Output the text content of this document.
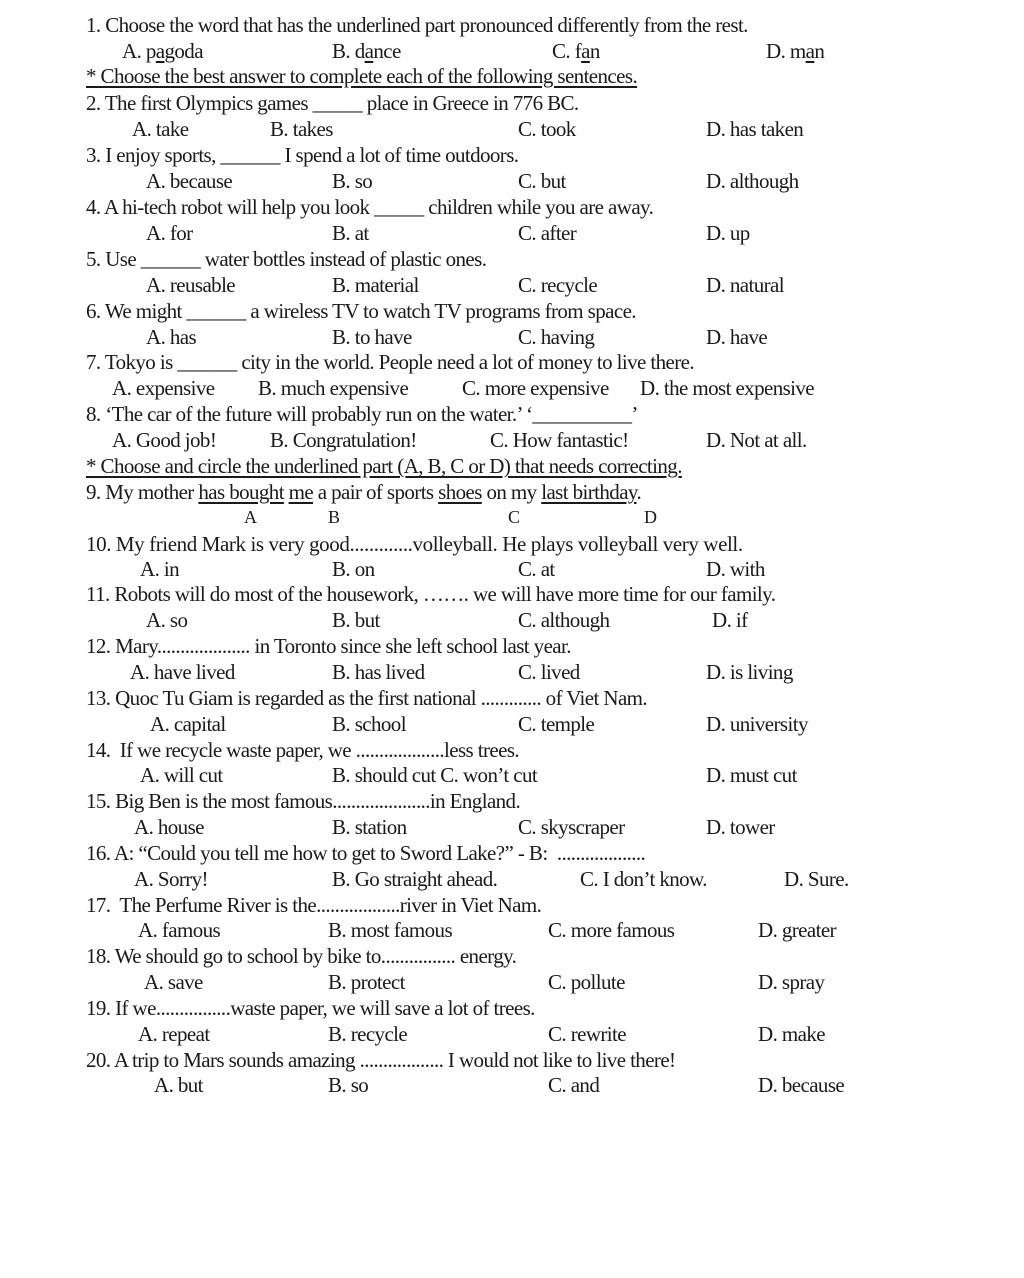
1. Choose the word that has the underlined part pronounced differently from the rest.
A. pagoda	B. dance	C. fan	D. man
* Choose the best answer to complete each of the following sentences.
2. The first Olympics games _____ place in Greece in 776 BC.
A. take	B. takes	C. took	D. has taken
3. I enjoy sports, ______ I spend a lot of time outdoors.
A. because	B. so	C. but	D. although
4. A hi-tech robot will help you look _____ children while you are away.
A. for	B. at	C. after	D. up
5. Use ______ water bottles instead of plastic ones.
A. reusable	B. material	C. recycle	D. natural
6. We might ______ a wireless TV to watch TV programs from space.
A. has	B. to have	C. having	D. have
7. Tokyo is ______ city in the world. People need a lot of money to live there.
A. expensive B. much expensive	C. more expensive D. the most expensive
8. ‘The car of the future will probably run on the water.’ ‘__________’
A. Good job!	B. Congratulation!	C. How fantastic!	D. Not at all.
* Choose and circle the underlined part (A, B, C or D) that needs correcting.
9. My mother has bought me a pair of sports shoes on my last birthday.
A	B	C	D
10. My friend Mark is very good.............volleyball. He plays volleyball very well.
A. in	B. on	C. at	D. with
11. Robots will do most of the housework, ……. we will have more time for our family.
A. so	B. but	C. although	D. if
12. Mary.................... in Toronto since she left school last year.
A. have lived	B. has lived	C. lived	D. is living
13. Quoc Tu Giam is regarded as the first national ............. of Viet Nam.
A. capital	B. school	C. temple	D. university
14.  If we recycle waste paper, we ...................less trees.
A. will cut	B. should cut C. won’t cut	D. must cut
15. Big Ben is the most famous.....................in England.
A. house	B. station	C. skyscraper	D. tower
16. A: “Could you tell me how to get to Sword Lake?” - B:  ...................
A. Sorry!	B. Go straight ahead.	C. I don’t know.	D. Sure.
17.  The Perfume River is the..................river in Viet Nam.
A. famous	B. most famous	C. more famous	D. greater
18. We should go to school by bike to................ energy.
A. save	B. protect	C. pollute	D. spray
19. If we................waste paper, we will save a lot of trees.
A. repeat	B. recycle	C. rewrite	D. make
20. A trip to Mars sounds amazing .................. I would not like to live there!
A. but	B. so	C. and	D. because
